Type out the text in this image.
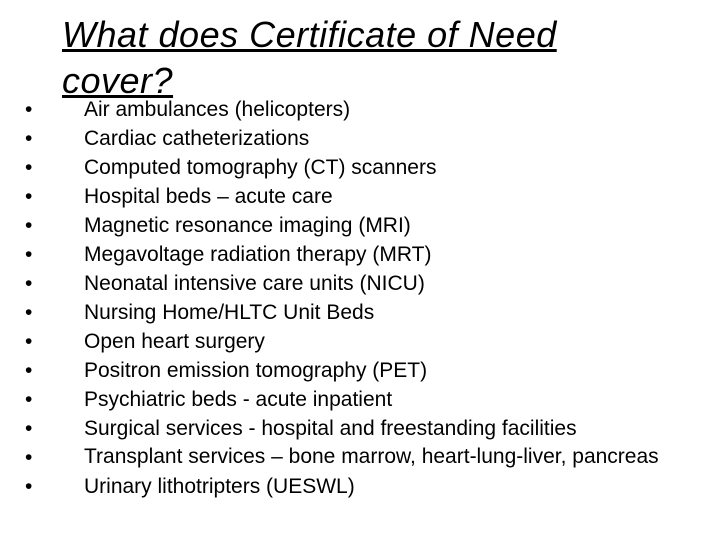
What does Certificate of Need cover?
•	Air ambulances (helicopters)
•	Cardiac catheterizations
•	Computed tomography (CT) scanners
•	Hospital beds – acute care
•	Magnetic resonance imaging (MRI)
•	Megavoltage radiation therapy (MRT)
•	Neonatal intensive care units (NICU)
•	Nursing Home/HLTC Unit Beds
•	Open heart surgery
•	Positron emission tomography (PET)
•	Psychiatric beds - acute inpatient
•	Surgical services - hospital and freestanding facilities
•	Transplant services – bone marrow, heart-lung-liver, pancreas
•	Urinary lithotripters (UESWL)
